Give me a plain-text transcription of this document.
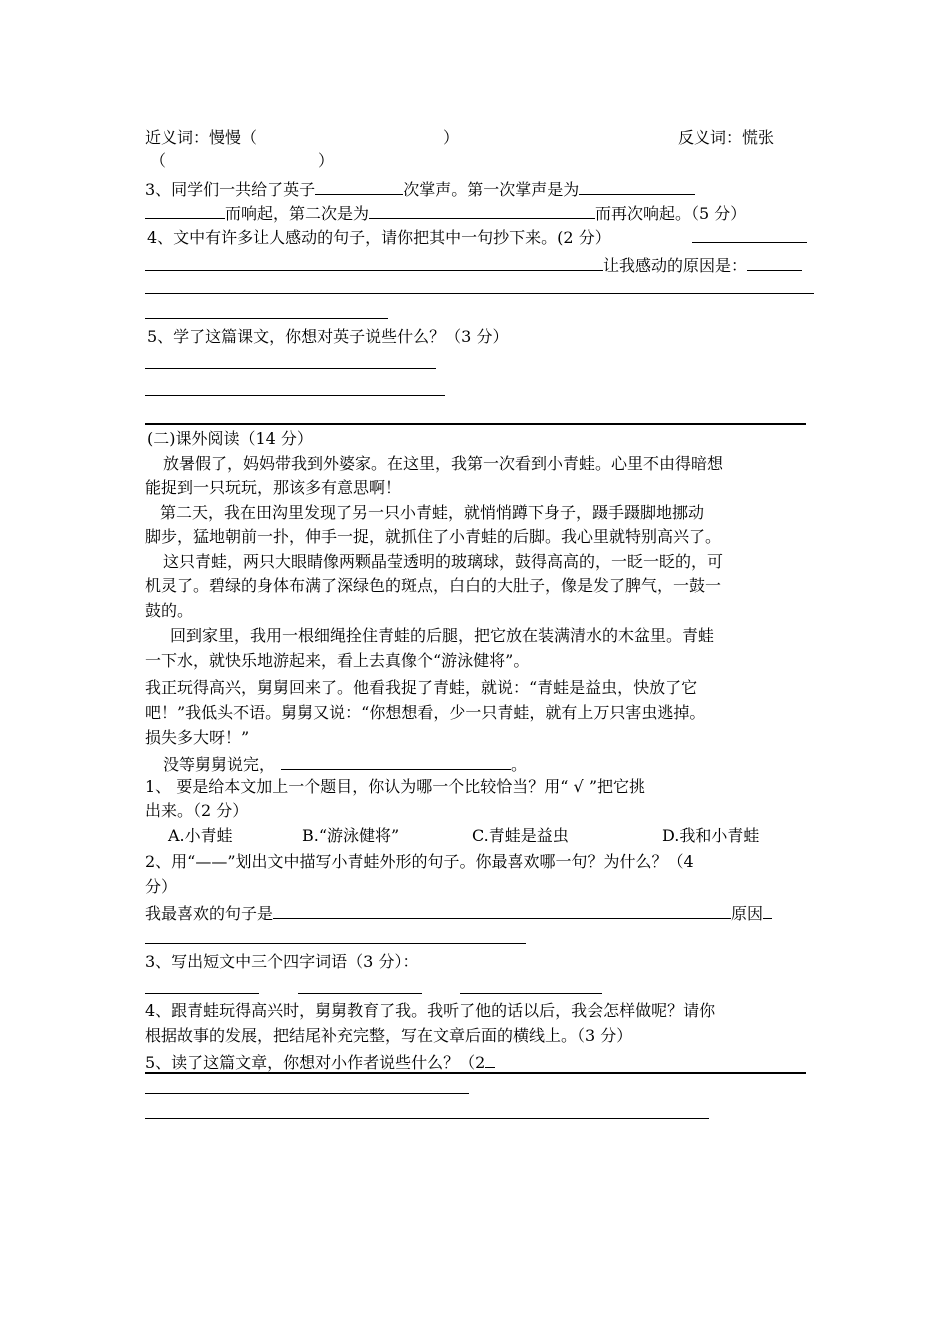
近义词：慢慢（	）	反义词：慌张
（	）
3、同学们一共给了英子	次掌声。第一次掌声是为
而响起，第二次是为	而再次响起。（5 分）
4、文中有许多让人感动的句子，请你把其中一句抄下来。(2 分）
让我感动的原因是：
5、学了这篇课文，你想对英子说些什么？（3 分）
(二)课外阅读（14 分）
放暑假了，妈妈带我到外婆家。在这里，我第一次看到小青蛙。心里不由得暗想
能捉到一只玩玩，那该多有意思啊！
第二天，我在田沟里发现了另一只小青蛙，就悄悄蹲下身子，蹑手蹑脚地挪动
脚步，猛地朝前一扑，伸手一捉，就抓住了小青蛙的后脚。我心里就特别高兴了。
这只青蛙，两只大眼睛像两颗晶莹透明的玻璃球，鼓得高高的，一眨一眨的，可
机灵了。碧绿的身体布满了深绿色的斑点，白白的大肚子，像是发了脾气，一鼓一
鼓的。
回到家里，我用一根细绳拴住青蛙的后腿，把它放在装满清水的木盆里。青蛙
一下水，就快乐地游起来，看上去真像个“游泳健将”。
我正玩得高兴，舅舅回来了。他看我捉了青蛙，就说：“青蛙是益虫，快放了它
吧！”我低头不语。舅舅又说：“你想想看，少一只青蛙，就有上万只害虫逃掉。
损失多大呀！”
没等舅舅说完，	。
1、 要是给本文加上一个题目，你认为哪一个比较恰当？用“ √ ”把它挑
出来。（2 分）
A.小青蛙	B.“游泳健将”	C.青蛙是益虫	D.我和小青蛙
2、用“——”划出文中描写小青蛙外形的句子。你最喜欢哪一句？为什么？（4
分）
我最喜欢的句子是	原因
3、写出短文中三个四字词语（3 分）：
4、跟青蛙玩得高兴时，舅舅教育了我。我听了他的话以后，我会怎样做呢？请你
根据故事的发展，把结尾补充完整，写在文章后面的横线上。（3 分）
5、读了这篇文章，你想对小作者说些什么？（2
